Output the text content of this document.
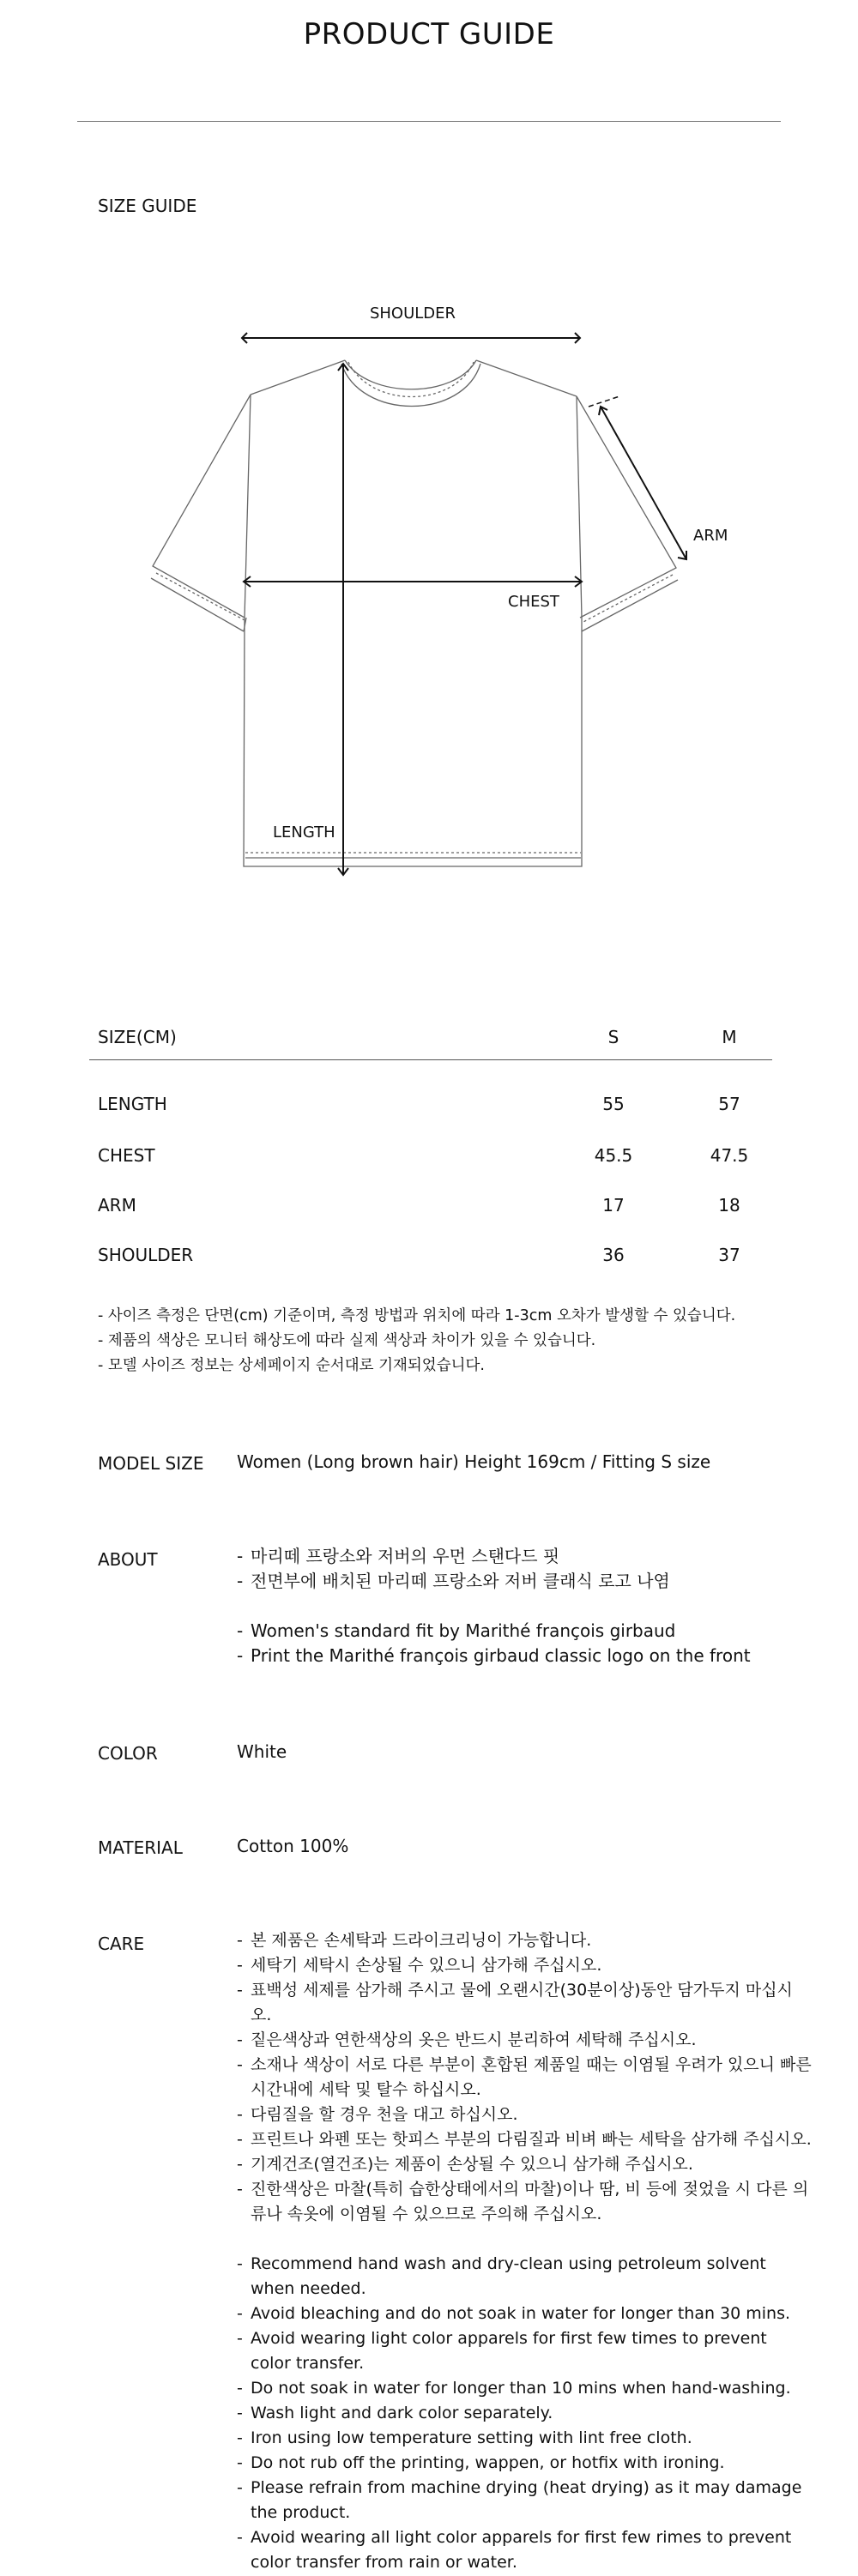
PRODUCT GUIDE
SIZE GUIDE
SHOULDER
ARM
CHEST
LENGTH
SIZE(CM)	S	M
LENGTH	55	57
CHEST	45.5	47.5
ARM	17	18
SHOULDER	36	37
- 사이즈 측정은 단면(cm) 기준이며, 측정 방법과 위치에 따라 1-3cm 오차가 발생할 수 있습니다.
- 제품의 색상은 모니터 해상도에 따라 실제 색상과 차이가 있을 수 있습니다.
- 모델 사이즈 정보는 상세페이지 순서대로 기재되었습니다.
MODEL SIZE Women (Long brown hair) Height 169cm / Fitting S size
ABOUT	- 마리떼 프랑소와 저버의 우먼 스탠다드 핏
- 전면부에 배치된 마리떼 프랑소와 저버 클래식 로고 나염
- Women's standard fit by Marithé françois girbaud
- Print the Marithé françois girbaud classic logo on the front
COLOR	White
MATERIAL	Cotton 100%
CARE	- 본 제품은 손세탁과 드라이크리닝이 가능합니다.
- 세탁기 세탁시 손상될 수 있으니 삼가해 주십시오.
- 표백성 세제를 삼가해 주시고 물에 오랜시간(30분이상)동안 담가두지 마십시오.
- 짙은색상과 연한색상의 옷은 반드시 분리하여 세탁해 주십시오.
- 소재나 색상이 서로 다른 부분이 혼합된 제품일 때는 이염될 우려가 있으니 빠른 시간내에 세탁 및 탈수 하십시오.
- 다림질을 할 경우 천을 대고 하십시오.
- 프린트나 와펜 또는 핫피스 부분의 다림질과 비벼 빠는 세탁을 삼가해 주십시오.
- 기계건조(열건조)는 제품이 손상될 수 있으니 삼가해 주십시오.
- 진한색상은 마찰(특히 습한상태에서의 마찰)이나 땀, 비 등에 젖었을 시 다른 의류나 속옷에 이염될 수 있으므로 주의해 주십시오.
- Recommend hand wash and dry-clean using petroleum solvent when needed.
- Avoid bleaching and do not soak in water for longer than 30 mins.
- Avoid wearing light color apparels for first few times to prevent color transfer.
- Do not soak in water for longer than 10 mins when hand-washing.
- Wash light and dark color separately.
- Iron using low temperature setting with lint free cloth.
- Do not rub off the printing, wappen, or hotfix with ironing.
- Please refrain from machine drying (heat drying) as it may damage the product.
- Avoid wearing all light color apparels for first few rimes to prevent color transfer from rain or water.
